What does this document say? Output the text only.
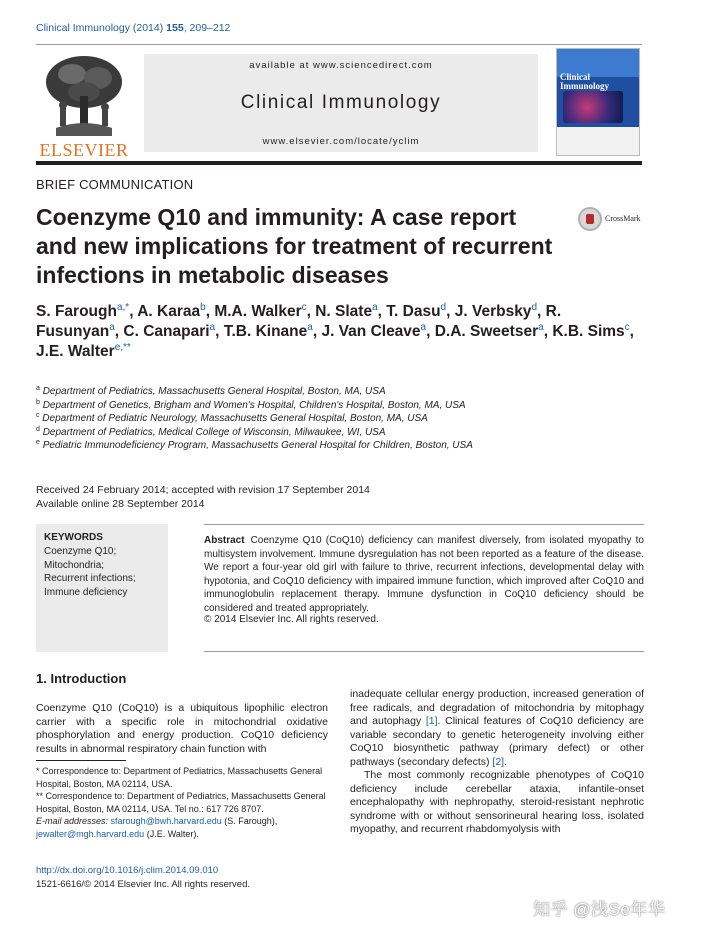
Clinical Immunology (2014) 155, 209–212
ELSEVIER
available at www.sciencedirect.com
Clinical Immunology
www.elsevier.com/locate/yclim
Clinical Immunology
BRIEF COMMUNICATION
Coenzyme Q10 and immunity: A case report and new implications for treatment of recurrent infections in metabolic diseases
CrossMark
S. Farough$^{a,*}$, A. Karaa$^b$, M.A. Walker$^c$, N. Slate$^a$, T. Dasu$^d$, J. Verbsky$^d$, R. Fusunyan$^a$, C. Canapari$^a$, T.B. Kinane$^a$, J. Van Cleave$^a$, D.A. Sweetser$^a$, K.B. Sims$^c$, J.E. Walter$^{e,**}$
$^a$ Department of Pediatrics, Massachusetts General Hospital, Boston, MA, USA
$^b$ Department of Genetics, Brigham and Women's Hospital, Children's Hospital, Boston, MA, USA
$^c$ Department of Pediatric Neurology, Massachusetts General Hospital, Boston, MA, USA
$^d$ Department of Pediatrics, Medical College of Wisconsin, Milwaukee, WI, USA
$^e$ Pediatric Immunodeficiency Program, Massachusetts General Hospital for Children, Boston, USA
Received 24 February 2014; accepted with revision 17 September 2014
Available online 28 September 2014
KEYWORDS
Coenzyme Q10;
Mitochondria;
Recurrent infections;
Immune deficiency
Abstract Coenzyme Q10 (CoQ10) deficiency can manifest diversely, from isolated myopathy to multisystem involvement. Immune dysregulation has not been reported as a feature of the disease. We report a four-year old girl with failure to thrive, recurrent infections, developmental delay with hypotonia, and CoQ10 deficiency with impaired immune function, which improved after CoQ10 and immunoglobulin replacement therapy. Immune dysfunction in CoQ10 deficiency should be considered and treated appropriately.
© 2014 Elsevier Inc. All rights reserved.
1. Introduction
Coenzyme Q10 (CoQ10) is a ubiquitous lipophilic electron carrier with a specific role in mitochondrial oxidative phosphorylation and energy production. CoQ10 deficiency results in abnormal respiratory chain function with

inadequate cellular energy production, increased generation of free radicals, and degradation of mitochondria by mitophagy and autophagy [1]. Clinical features of CoQ10 deficiency are variable secondary to genetic heterogeneity involving either CoQ10 biosynthetic pathway (primary defect) or other pathways (secondary defects) [2].

The most commonly recognizable phenotypes of CoQ10 deficiency include cerebellar ataxia, infantile-onset encephalopathy with nephropathy, steroid-resistant nephrotic syndrome with or without sensorineural hearing loss, isolated myopathy, and recurrent rhabdomyolysis with

* Correspondence to: Department of Pediatrics, Massachusetts General Hospital, Boston, MA 02114, USA.
** Correspondence to: Department of Pediatrics, Massachusetts General Hospital, Boston, MA 02114, USA. Tel no.: 617 726 8707.
E-mail addresses: sfarough@bwh.harvard.edu (S. Farough), jewalter@mgh.harvard.edu (J.E. Walter).
http://dx.doi.org/10.1016/j.clim.2014.09.010
1521-6616/© 2014 Elsevier Inc. All rights reserved.
知乎 @浅Se年华
